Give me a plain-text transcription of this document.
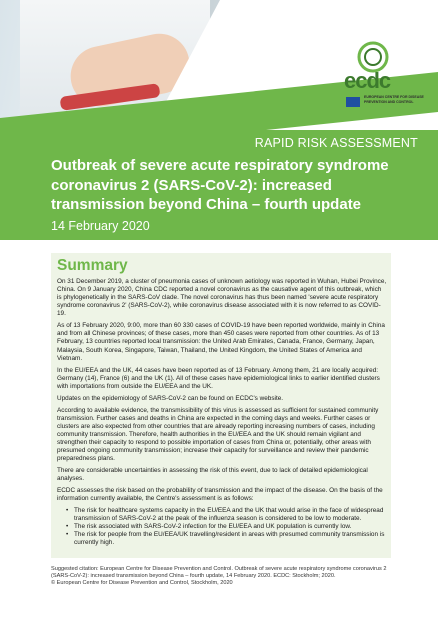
ecdc
EUROPEAN CENTRE FOR DISEASE PREVENTION AND CONTROL
RAPID RISK ASSESSMENT
Outbreak of severe acute respiratory syndrome coronavirus 2 (SARS-CoV-2): increased transmission beyond China – fourth update
14 February 2020
Summary

On 31 December 2019, a cluster of pneumonia cases of unknown aetiology was reported in Wuhan, Hubei Province, China. On 9 January 2020, China CDC reported a novel coronavirus as the causative agent of this outbreak, which is phylogenetically in the SARS-CoV clade. The novel coronavirus has thus been named 'severe acute respiratory syndrome coronavirus 2' (SARS-CoV-2), while coronavirus disease associated with it is now referred to as COVID-19.

As of 13 February 2020, 9:00, more than 60 330 cases of COVID-19 have been reported worldwide, mainly in China and from all Chinese provinces; of these cases, more than 450 cases were reported from other countries. As of 13 February, 13 countries reported local transmission: the United Arab Emirates, Canada, France, Germany, Japan, Malaysia, South Korea, Singapore, Taiwan, Thailand, the United Kingdom, the United States of America and Vietnam.

In the EU/EEA and the UK, 44 cases have been reported as of 13 February. Among them, 21 are locally acquired: Germany (14), France (6) and the UK (1). All of these cases have epidemiological links to earlier identified clusters with importations from outside the EU/EEA and the UK.

Updates on the epidemiology of SARS-CoV-2 can be found on ECDC's website.

According to available evidence, the transmissibility of this virus is assessed as sufficient for sustained community transmission. Further cases and deaths in China are expected in the coming days and weeks. Further cases or clusters are also expected from other countries that are already reporting increasing numbers of cases, including community transmission. Therefore, health authorities in the EU/EEA and the UK should remain vigilant and strengthen their capacity to respond to possible importation of cases from China or, potentially, other areas with presumed ongoing community transmission; increase their capacity for surveillance and review their pandemic preparedness plans.

There are considerable uncertainties in assessing the risk of this event, due to lack of detailed epidemiological analyses.

ECDC assesses the risk based on the probability of transmission and the impact of the disease. On the basis of the information currently available, the Centre's assessment is as follows:

• The risk for healthcare systems capacity in the EU/EEA and the UK that would arise in the face of widespread transmission of SARS-CoV-2 at the peak of the influenza season is considered to be low to moderate.
• The risk associated with SARS-CoV-2 infection for the EU/EEA and UK population is currently low.
• The risk for people from the EU/EEA/UK travelling/resident in areas with presumed community transmission is currently high.
Suggested citation: European Centre for Disease Prevention and Control. Outbreak of severe acute respiratory syndrome coronavirus 2 (SARS-CoV-2): increased transmission beyond China – fourth update, 14 February 2020. ECDC: Stockholm; 2020.
© European Centre for Disease Prevention and Control, Stockholm, 2020
